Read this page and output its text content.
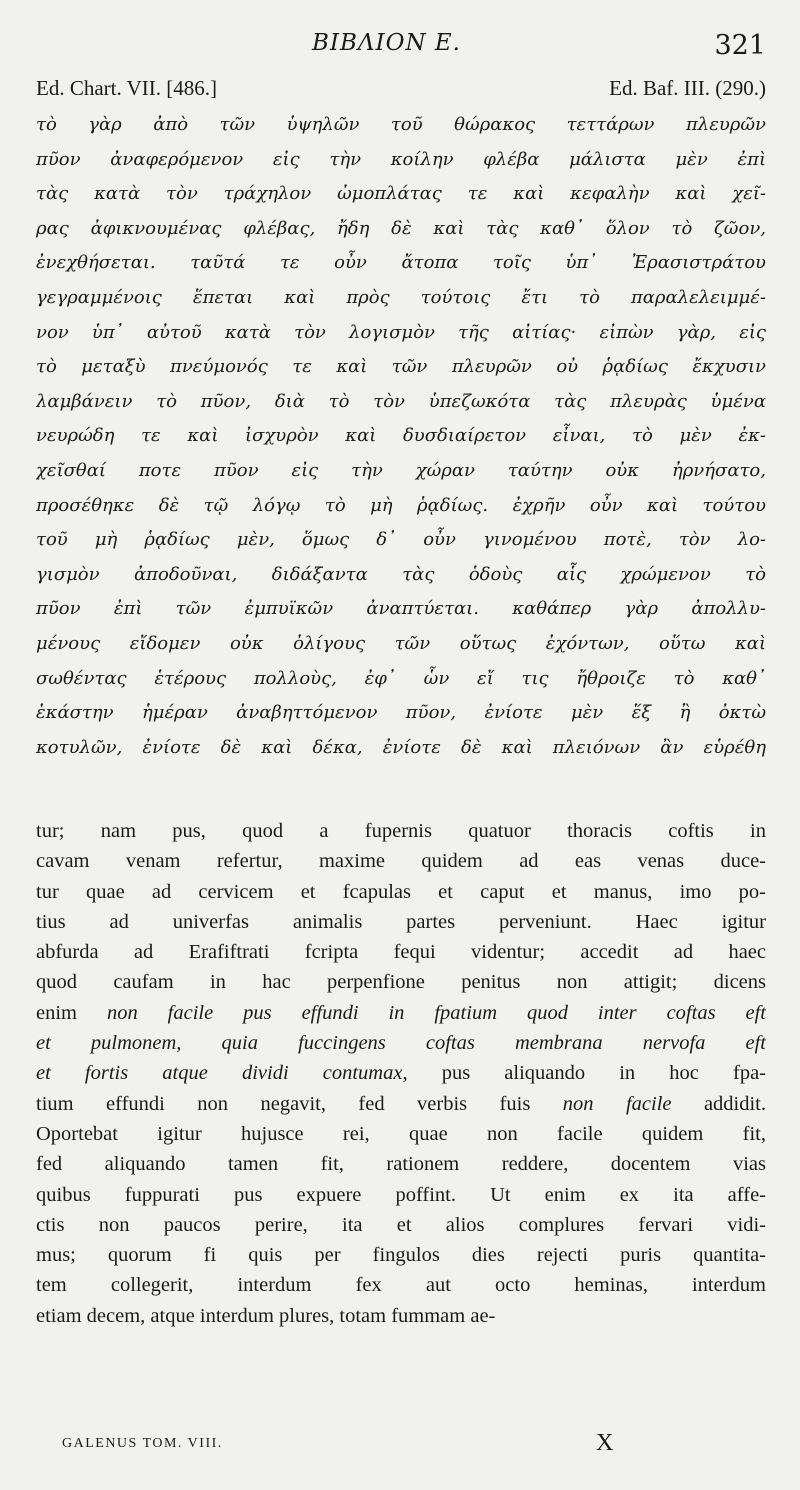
ΒΙΒΛΙΟΝ Ε.	321
Ed. Chart. VII. [486.]	Ed. Baf. III. (290.)
τὸ γὰρ ἀπὸ τῶν ὑψηλῶν τοῦ θώρακος τεττάρων πλευρῶν
πῦον ἀναφερόμενον εἰς τὴν κοίλην φλέβα μάλιστα μὲν ἐπὶ
τὰς κατὰ τὸν τράχηλον ὠμοπλάτας τε καὶ κεφαλὴν καὶ χεῖ-
ρας ἀφικνουμένας φλέβας, ἤδη δὲ καὶ τὰς καθ᾽ ὅλον τὸ ζῶον,
ἐνεχθήσεται. ταῦτά τε οὖν ἄτοπα τοῖς ὑπ᾽ Ἐρασιστράτου
γεγραμμένοις ἕπεται καὶ πρὸς τούτοις ἔτι τὸ παραλελειμμέ-
νον ὑπ᾽ αὐτοῦ κατὰ τὸν λογισμὸν τῆς αἰτίας· εἰπὼν γὰρ, εἰς
τὸ μεταξὺ πνεύμονός τε καὶ τῶν πλευρῶν οὐ ῥᾳδίως ἔκχυσιν
λαμβάνειν τὸ πῦον, διὰ τὸ τὸν ὑπεζωκότα τὰς πλευρὰς ὑμένα
νευρώδη τε καὶ ἰσχυρὸν καὶ δυσδιαίρετον εἶναι, τὸ μὲν ἐκ-
χεῖσθαί ποτε πῦον εἰς τὴν χώραν ταύτην οὐκ ἠρνήσατο,
προσέθηκε δὲ τῷ λόγῳ τὸ μὴ ῥᾳδίως. ἐχρῆν οὖν καὶ τούτου
τοῦ μὴ ῥᾳδίως μὲν, ὅμως δ᾽ οὖν γινομένου ποτὲ, τὸν λο-
γισμὸν ἀποδοῦναι, διδάξαντα τὰς ὁδοὺς αἷς χρώμενον τὸ
πῦον ἐπὶ τῶν ἐμπυϊκῶν ἀναπτύεται. καθάπερ γὰρ ἀπολλυ-
μένους εἴδομεν οὐκ ὀλίγους τῶν οὕτως ἐχόντων, οὕτω καὶ
σωθέντας ἑτέρους πολλοὺς, ἐφ᾽ ὧν εἴ τις ἤθροιζε τὸ καθ᾽
ἑκάστην ἡμέραν ἀναβηττόμενον πῦον, ἐνίοτε μὲν ἕξ ἢ ὀκτὼ
κοτυλῶν, ἐνίοτε δὲ καὶ δέκα, ἐνίοτε δὲ καὶ πλειόνων ἂν εὑρέθη
tur; nam pus, quod a fupernis quatuor thoracis coftis in
cavam venam refertur, maxime quidem ad eas venas duce-
tur quae ad cervicem et fcapulas et caput et manus, imo po-
tius ad univerfas animalis partes perveniunt. Haec igitur
abfurda ad Erafiftrati fcripta fequi videntur; accedit ad haec
quod caufam in hac perpenfione penitus non attigit; dicens
enim non facile pus effundi in fpatium quod inter coftas eft
et pulmonem, quia fuccingens coftas membrana nervofa eft
et fortis atque dividi contumax, pus aliquando in hoc fpa-
tium effundi non negavit, fed verbis fuis non facile addidit.
Oportebat igitur hujusce rei, quae non facile quidem fit,
fed aliquando tamen fit, rationem reddere, docentem vias
quibus fuppurati pus expuere poffint. Ut enim ex ita affe-
ctis non paucos perire, ita et alios complures fervari vidi-
mus; quorum fi quis per fingulos dies rejecti puris quantita-
tem collegerit, interdum fex aut octo heminas, interdum
etiam decem, atque interdum plures, totam fummam ae-
GALENUS TOM. VIII.	X
